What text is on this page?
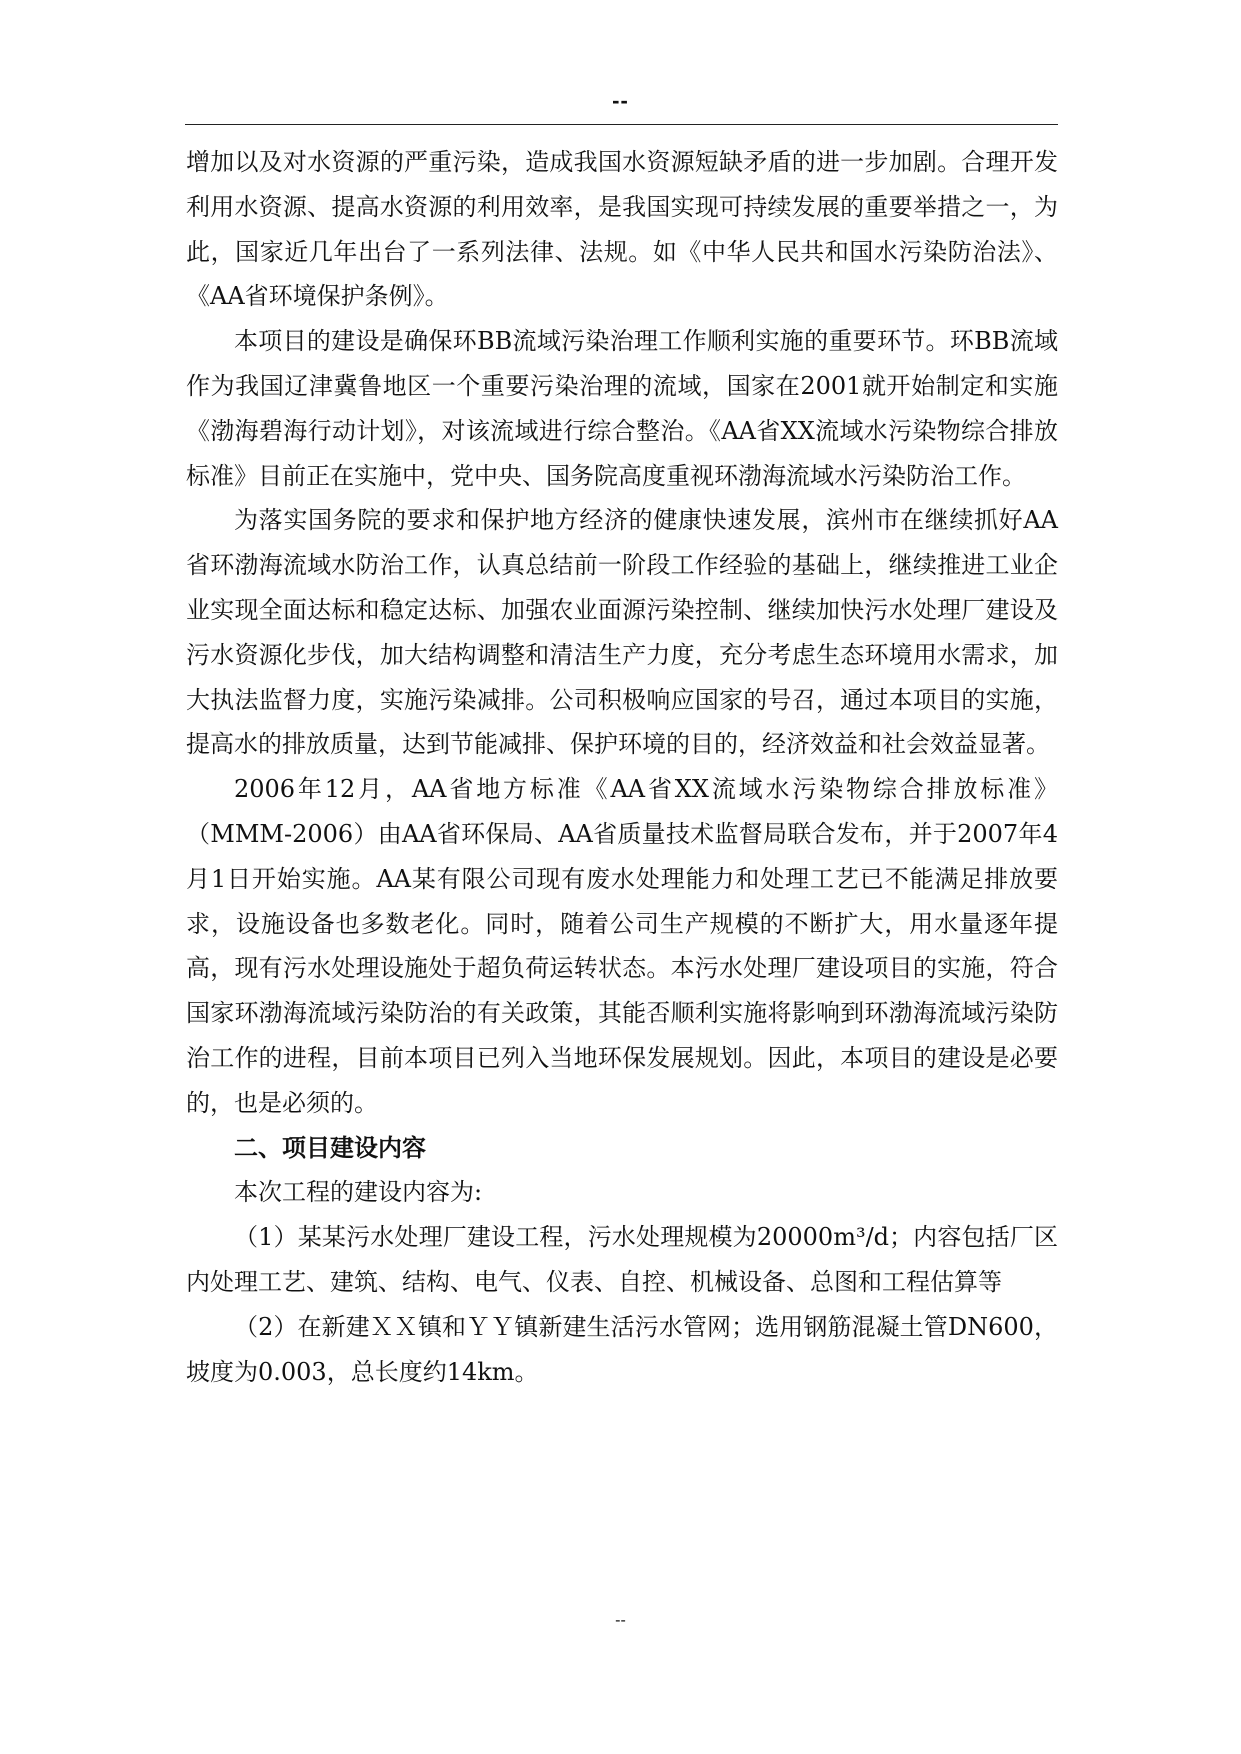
--

增加以及对水资源的严重污染，造成我国水资源短缺矛盾的进一步加剧。合理开发利用水资源、提高水资源的利用效率，是我国实现可持续发展的重要举措之一，为此，国家近几年出台了一系列法律、法规。如《中华人民共和国水污染防治法》、《AA省环境保护条例》。

本项目的建设是确保环BB流域污染治理工作顺利实施的重要环节。环BB流域作为我国辽津冀鲁地区一个重要污染治理的流域，国家在2001就开始制定和实施《渤海碧海行动计划》，对该流域进行综合整治。《AA省XX流域水污染物综合排放标准》目前正在实施中，党中央、国务院高度重视环渤海流域水污染防治工作。

为落实国务院的要求和保护地方经济的健康快速发展，滨州市在继续抓好AA省环渤海流域水防治工作，认真总结前一阶段工作经验的基础上，继续推进工业企业实现全面达标和稳定达标、加强农业面源污染控制、继续加快污水处理厂建设及污水资源化步伐，加大结构调整和清洁生产力度，充分考虑生态环境用水需求，加大执法监督力度，实施污染减排。公司积极响应国家的号召，通过本项目的实施，提高水的排放质量，达到节能减排、保护环境的目的，经济效益和社会效益显著。

2006年12月，AA省地方标准《AA省XX流域水污染物综合排放标准》（MMM-2006）由AA省环保局、AA省质量技术监督局联合发布，并于2007年4月1日开始实施。AA某有限公司现有废水处理能力和处理工艺已不能满足排放要求，设施设备也多数老化。同时，随着公司生产规模的不断扩大，用水量逐年提高，现有污水处理设施处于超负荷运转状态。本污水处理厂建设项目的实施，符合国家环渤海流域污染防治的有关政策，其能否顺利实施将影响到环渤海流域污染防治工作的进程，目前本项目已列入当地环保发展规划。因此，本项目的建设是必要的，也是必须的。

二、项目建设内容

本次工程的建设内容为:

（1）某某污水处理厂建设工程，污水处理规模为20000m³/d；内容包括厂区内处理工艺、建筑、结构、电气、仪表、自控、机械设备、总图和工程估算等

（2）在新建ＸＸ镇和ＹＹ镇新建生活污水管网；选用钢筋混凝土管DN600，坡度为0.003，总长度约14km。

--
